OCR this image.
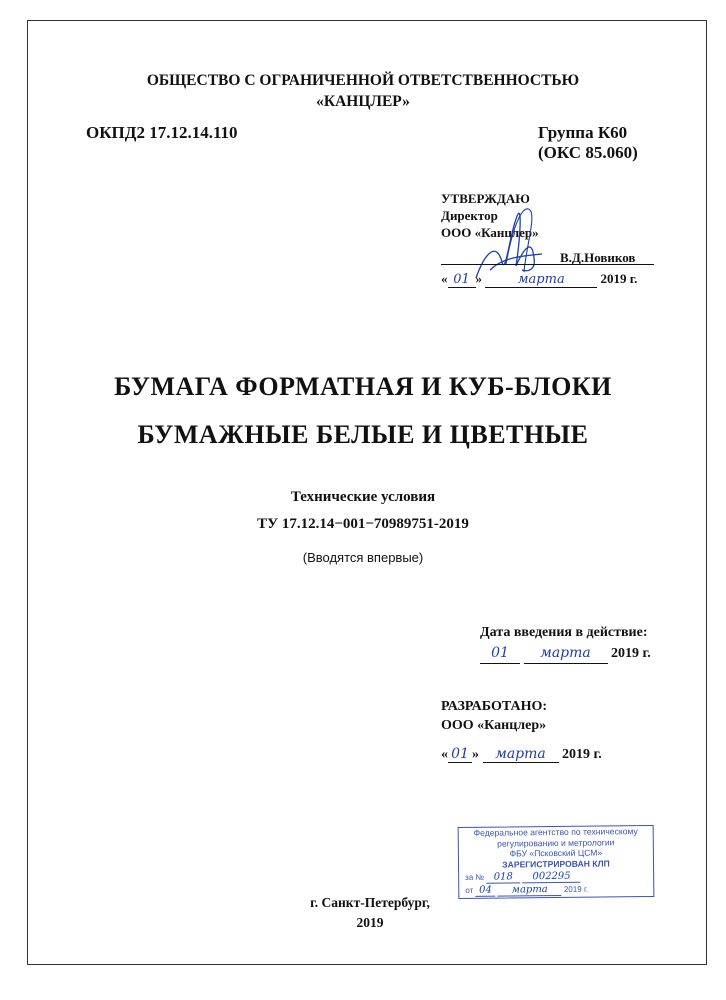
ОБЩЕСТВО С ОГРАНИЧЕННОЙ ОТВЕТСТВЕННОСТЬЮ
«КАНЦЛЕР»
ОКПД2 17.12.14.110	Группа К60
(ОКС 85.060)
УТВЕРЖДАЮ
Директор
ООО «Канцлер»
В.Д.Новиков
« 01 »	марта	2019 г.
БУМАГА ФОРМАТНАЯ И КУБ-БЛОКИ
БУМАЖНЫЕ БЕЛЫЕ И ЦВЕТНЫЕ
Технические условия
ТУ 17.12.14−001−70989751-2019
(Вводятся впервые)
Дата введения в действие:
01 марта 2019 г.
РАЗРАБОТАНО:
ООО «Канцлер»
« 01 » марта 2019 г.
Федеральное агентство по техническому
регулированию и метрологии
ФБУ «Псковский ЦСМ»
ЗАРЕГИСТРИРОВАН КЛП
за № 018 002295
от 04 марта 2019 г.
г. Санкт-Петербург,
2019
